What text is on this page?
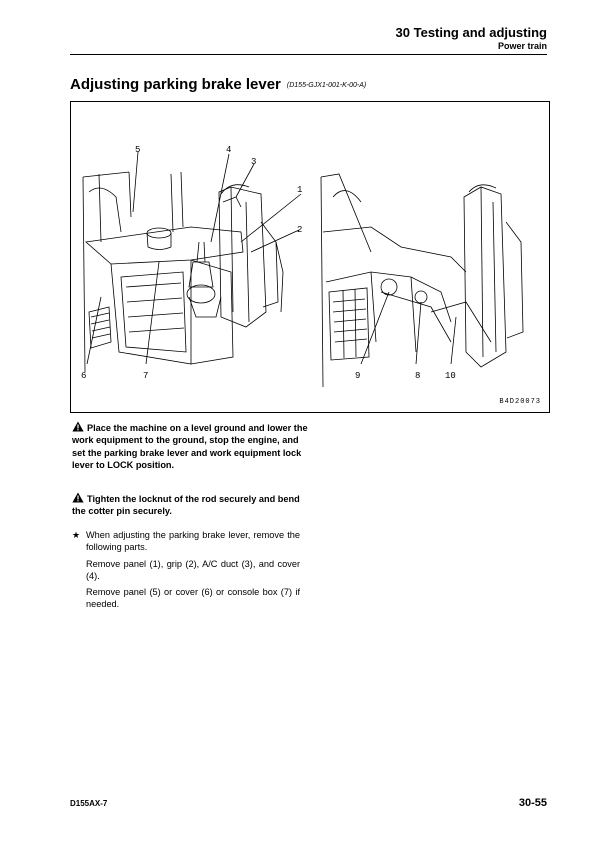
30 Testing and adjusting
Power train
Adjusting parking brake lever (D155-GJX1-001-K-00-A)
1
2
3
4
5
6	7	8
9	10
B4D20073
Place the machine on a level ground and lower the work equipment to the ground, stop the engine, and set the parking brake lever and work equipment lock lever to LOCK position.
Tighten the locknut of the rod securely and bend the cotter pin securely.
★ When adjusting the parking brake lever, remove the following parts.

Remove panel (1), grip (2), A/C duct (3), and cover (4).

Remove panel (5) or cover (6) or console box (7) if needed.

D155AX-7	30-55
